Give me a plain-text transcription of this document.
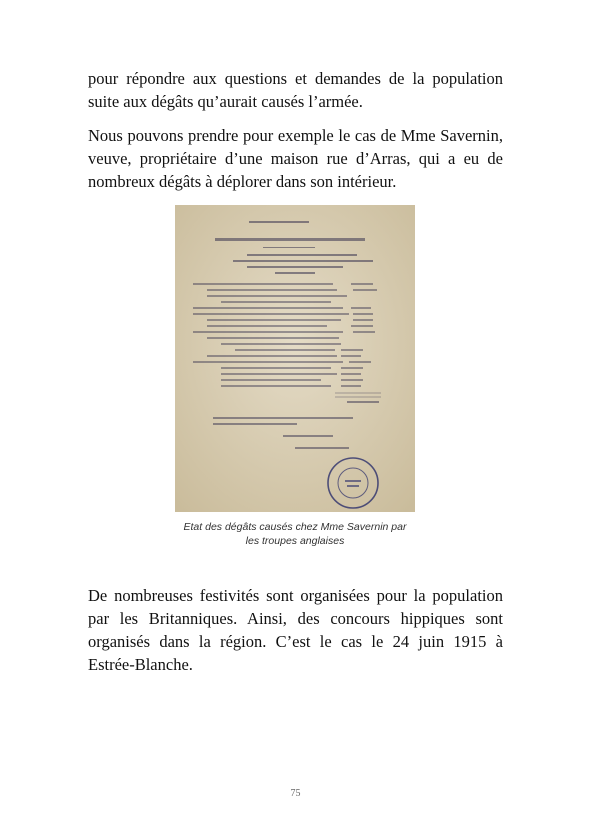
pour répondre aux questions et demandes de la population
suite aux dégâts qu’aurait causés l’armée.
Nous pouvons prendre pour exemple le cas de Mme Savernin,
veuve, propriétaire d’une maison rue d’Arras, qui a eu de
nombreux dégâts à déplorer dans son intérieur.
Etat des dégâts causés chez Mme Savernin par
les troupes anglaises
De nombreuses festivités sont organisées pour la population
par les Britanniques. Ainsi, des concours hippiques sont
organisés dans la région. C’est le cas le 24 juin 1915 à
Estrée-Blanche.
75
